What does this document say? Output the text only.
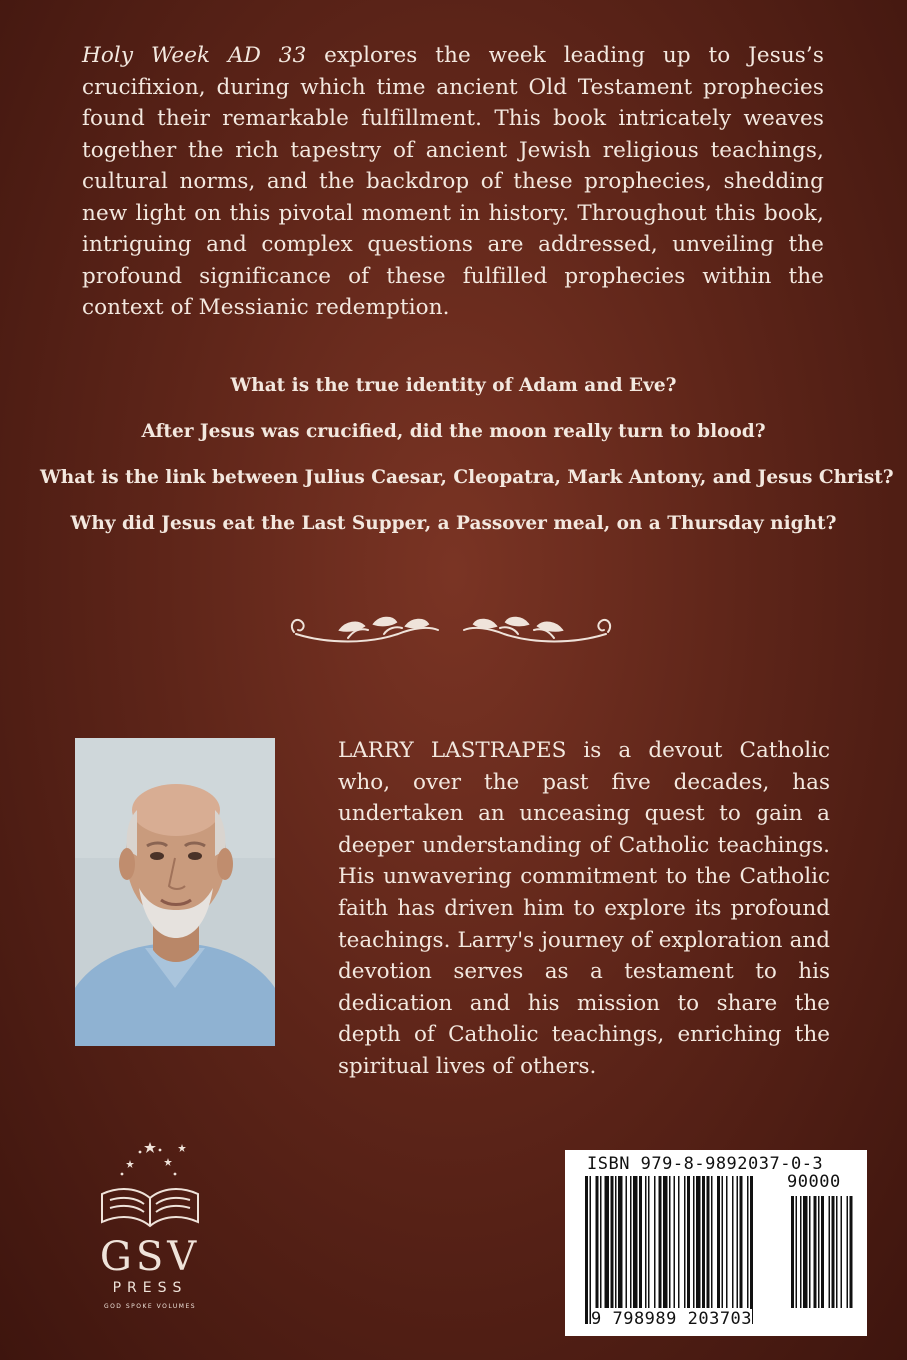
Holy Week AD 33 explores the week leading up to Jesus’s crucifixion, during which time ancient Old Testament prophecies found their remarkable fulfillment. This book intricately weaves together the rich tapestry of ancient Jewish religious teachings, cultural norms, and the backdrop of these prophecies, shedding new light on this pivotal moment in history. Throughout this book, intriguing and complex questions are addressed, unveiling the profound significance of these fulfilled prophecies within the context of Messianic redemption.
What is the true identity of Adam and Eve?
After Jesus was crucified, did the moon really turn to blood?
What is the link between Julius Caesar, Cleopatra, Mark Antony, and Jesus Christ?
Why did Jesus eat the Last Supper, a Passover meal, on a Thursday night?
LARRY LASTRAPES is a devout Catholic who, over the past five decades, has undertaken an unceasing quest to gain a deeper understanding of Catholic teachings. His unwavering commitment to the Catholic faith has driven him to explore its profound teachings. Larry's journey of exploration and devotion serves as a testament to his dedication and his mission to share the depth of Catholic teachings, enriching the spiritual lives of others.
GSV
PRESS
GOD SPOKE VOLUMES
ISBN 979-8-9892037-0-3
90000
9 798989 203703
